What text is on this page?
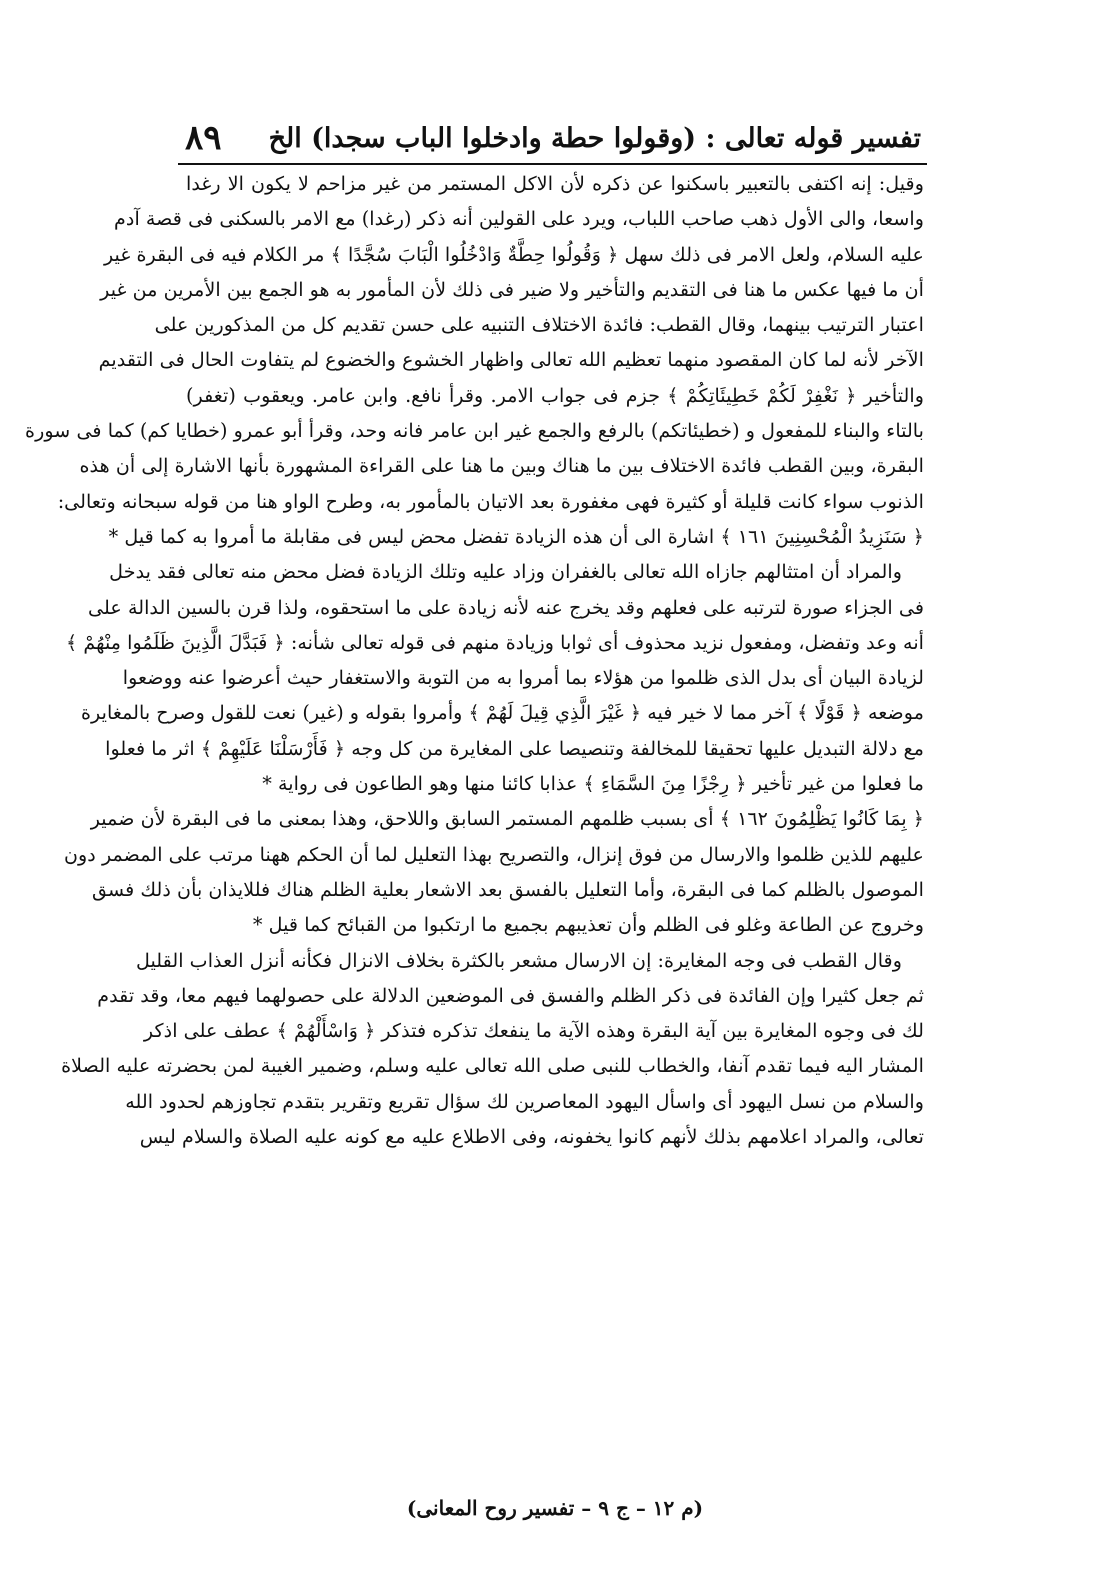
تفسير قوله تعالى : (وقولوا حطة وادخلوا الباب سجدا) الخ
٨٩
وقيل: إنه اكتفى بالتعبير باسكنوا عن ذكره لأن الاكل المستمر من غير مزاحم لا يكون الا رغدا
واسعا، والى الأول ذهب صاحب اللباب، ويرد على القولين أنه ذكر (رغدا) مع الامر بالسكنى فى قصة آدم
عليه السلام، ولعل الامر فى ذلك سهل ﴿ وَقُولُوا حِطَّةٌ وَادْخُلُوا الْبَابَ سُجَّدًا ﴾ مر الكلام فيه فى البقرة غير
أن ما فيها عكس ما هنا فى التقديم والتأخير ولا ضير فى ذلك لأن المأمور به هو الجمع بين الأمرين من غير
اعتبار الترتيب بينهما، وقال القطب: فائدة الاختلاف التنبيه على حسن تقديم كل من المذكورين على
الآخر لأنه لما كان المقصود منهما تعظيم الله تعالى واظهار الخشوع والخضوع لم يتفاوت الحال فى التقديم
والتأخير ﴿ نَغْفِرْ لَكُمْ خَطِيئَاتِكُمْ ﴾ جزم فى جواب الامر. وقرأ نافع. وابن عامر. ويعقوب (تغفر)
بالتاء والبناء للمفعول و (خطيئاتكم) بالرفع والجمع غير ابن عامر فانه وحد، وقرأ أبو عمرو (خطايا كم) كما فى سورة
البقرة، وبين القطب فائدة الاختلاف بين ما هناك وبين ما هنا على القراءة المشهورة بأنها الاشارة إلى أن هذه
الذنوب سواء كانت قليلة أو كثيرة فهى مغفورة بعد الاتيان بالمأمور به، وطرح الواو هنا من قوله سبحانه وتعالى:
﴿ سَنَزِيدُ الْمُحْسِنِينَ ١٦١ ﴾ اشارة الى أن هذه الزيادة تفضل محض ليس فى مقابلة ما أمروا به كما قيل *
والمراد أن امتثالهم جازاه الله تعالى بالغفران وزاد عليه وتلك الزيادة فضل محض منه تعالى فقد يدخل
فى الجزاء صورة لترتبه على فعلهم وقد يخرج عنه لأنه زيادة على ما استحقوه، ولذا قرن بالسين الدالة على
أنه وعد وتفضل، ومفعول نزيد محذوف أى ثوابا وزيادة منهم فى قوله تعالى شأنه: ﴿ فَبَدَّلَ الَّذِينَ ظَلَمُوا مِنْهُمْ ﴾
لزيادة البيان أى بدل الذى ظلموا من هؤلاء بما أمروا به من التوبة والاستغفار حيث أعرضوا عنه ووضعوا
موضعه ﴿ قَوْلًا ﴾ آخر مما لا خير فيه ﴿ غَيْرَ الَّذِي قِيلَ لَهُمْ ﴾ وأمروا بقوله و (غير) نعت للقول وصرح بالمغايرة
مع دلالة التبديل عليها تحقيقا للمخالفة وتنصيصا على المغايرة من كل وجه ﴿ فَأَرْسَلْنَا عَلَيْهِمْ ﴾ اثر ما فعلوا
ما فعلوا من غير تأخير ﴿ رِجْزًا مِنَ السَّمَاءِ ﴾ عذابا كائنا منها وهو الطاعون فى رواية *
﴿ بِمَا كَانُوا يَظْلِمُونَ ١٦٢ ﴾ أى بسبب ظلمهم المستمر السابق واللاحق، وهذا بمعنى ما فى البقرة لأن ضمير
عليهم للذين ظلموا والارسال من فوق إنزال، والتصريح بهذا التعليل لما أن الحكم ههنا مرتب على المضمر دون
الموصول بالظلم كما فى البقرة، وأما التعليل بالفسق بعد الاشعار بعلية الظلم هناك فللايذان بأن ذلك فسق
وخروج عن الطاعة وغلو فى الظلم وأن تعذيبهم بجميع ما ارتكبوا من القبائح كما قيل *
وقال القطب فى وجه المغايرة: إن الارسال مشعر بالكثرة بخلاف الانزال فكأنه أنزل العذاب القليل
ثم جعل كثيرا وإن الفائدة فى ذكر الظلم والفسق فى الموضعين الدلالة على حصولهما فيهم معا، وقد تقدم
لك فى وجوه المغايرة بين آية البقرة وهذه الآية ما ينفعك تذكره فتذكر ﴿ وَاسْأَلْهُمْ ﴾ عطف على اذكر
المشار اليه فيما تقدم آنفا، والخطاب للنبى صلى الله تعالى عليه وسلم، وضمير الغيبة لمن بحضرته عليه الصلاة
والسلام من نسل اليهود أى واسأل اليهود المعاصرين لك سؤال تقريع وتقرير بتقدم تجاوزهم لحدود الله
تعالى، والمراد اعلامهم بذلك لأنهم كانوا يخفونه، وفى الاطلاع عليه مع كونه عليه الصلاة والسلام ليس
(م ١٢ – ج ٩ – تفسير روح المعانى)
